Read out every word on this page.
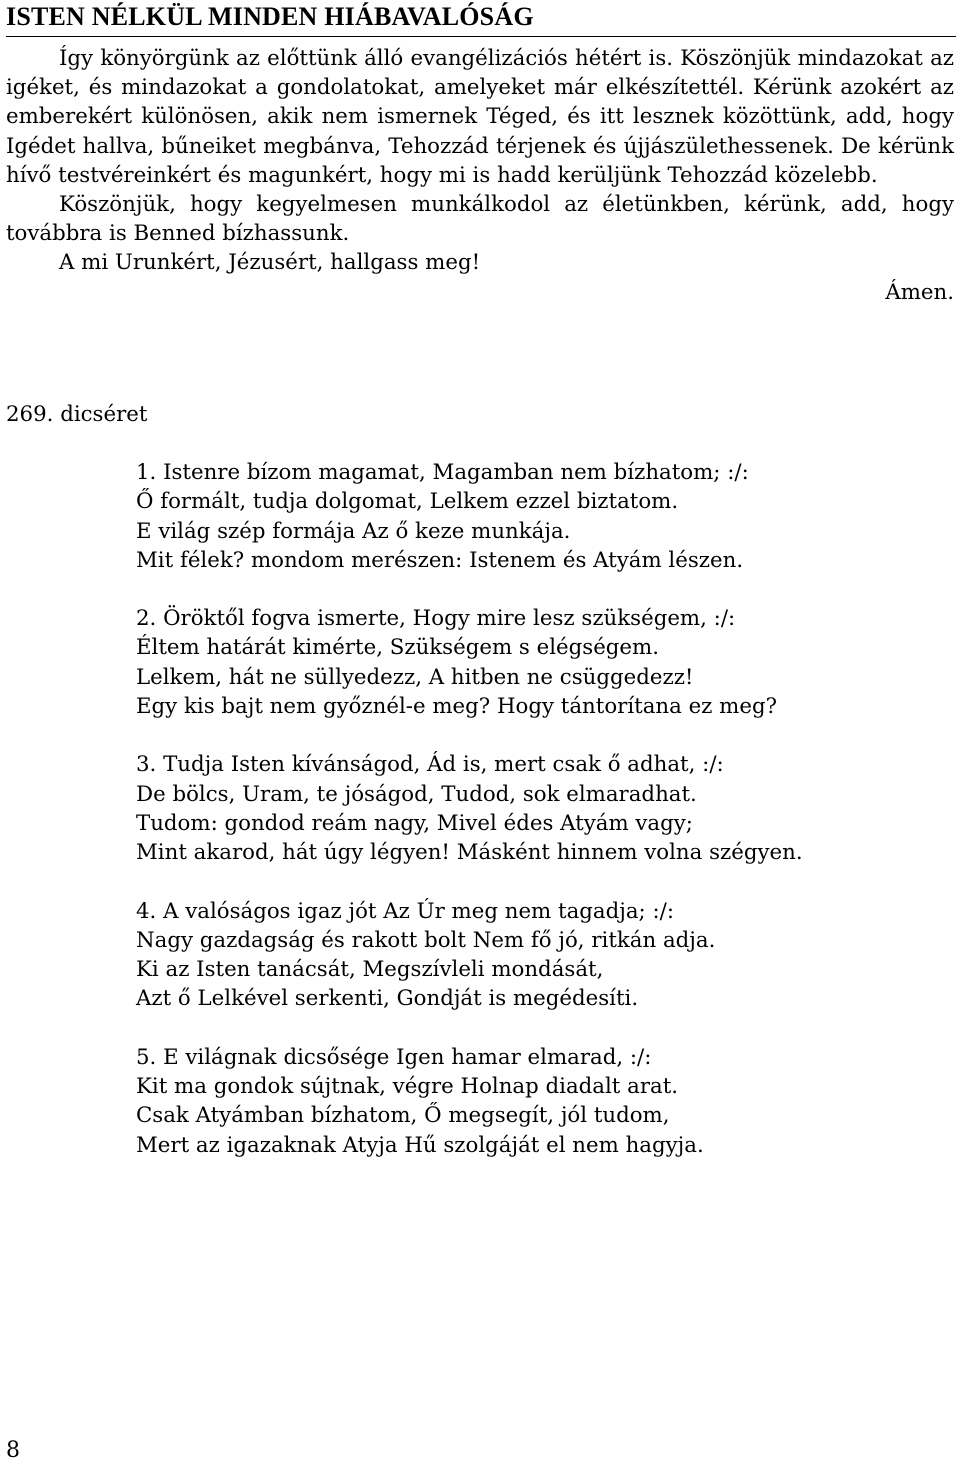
ISTEN NÉLKÜL MINDEN HIÁBAVALÓSÁG

Így könyörgünk az előttünk álló evangélizációs hétért is. Köszönjük mindazokat az igéket, és mindazokat a gondolatokat, amelyeket már elkészítettél. Kérünk azokért az emberekért különösen, akik nem ismernek Téged, és itt lesznek közöttünk, add, hogy Igédet hallva, bűneiket megbánva, Tehozzád térjenek és újjászülethessenek. De kérünk hívő testvéreinkért és magunkért, hogy mi is hadd kerüljünk Tehozzád közelebb.

Köszönjük, hogy kegyelmesen munkálkodol az életünkben, kérünk, add, hogy továbbra is Benned bízhassunk.

A mi Urunkért, Jézusért, hallgass meg!

Ámen.

269. dicséret
1. Istenre bízom magamat, Magamban nem bízhatom; :/:
Ő formált, tudja dolgomat, Lelkem ezzel biztatom.
E világ szép formája Az ő keze munkája.
Mit félek? mondom merészen: Istenem és Atyám lészen.
2. Öröktől fogva ismerte, Hogy mire lesz szükségem, :/:
Éltem határát kimérte, Szükségem s elégségem.
Lelkem, hát ne süllyedezz, A hitben ne csüggedezz!
Egy kis bajt nem győznél-e meg? Hogy tántorítana ez meg?
3. Tudja Isten kívánságod, Ád is, mert csak ő adhat, :/:
De bölcs, Uram, te jóságod, Tudod, sok elmaradhat.
Tudom: gondod reám nagy, Mivel édes Atyám vagy;
Mint akarod, hát úgy légyen! Másként hinnem volna szégyen.
4. A valóságos igaz jót Az Úr meg nem tagadja; :/:
Nagy gazdagság és rakott bolt Nem fő jó, ritkán adja.
Ki az Isten tanácsát, Megszívleli mondását,
Azt ő Lelkével serkenti, Gondját is megédesíti.
5. E világnak dicsősége Igen hamar elmarad, :/:
Kit ma gondok sújtnak, végre Holnap diadalt arat.
Csak Atyámban bízhatom, Ő megsegít, jól tudom,
Mert az igazaknak Atyja Hű szolgáját el nem hagyja.
8
